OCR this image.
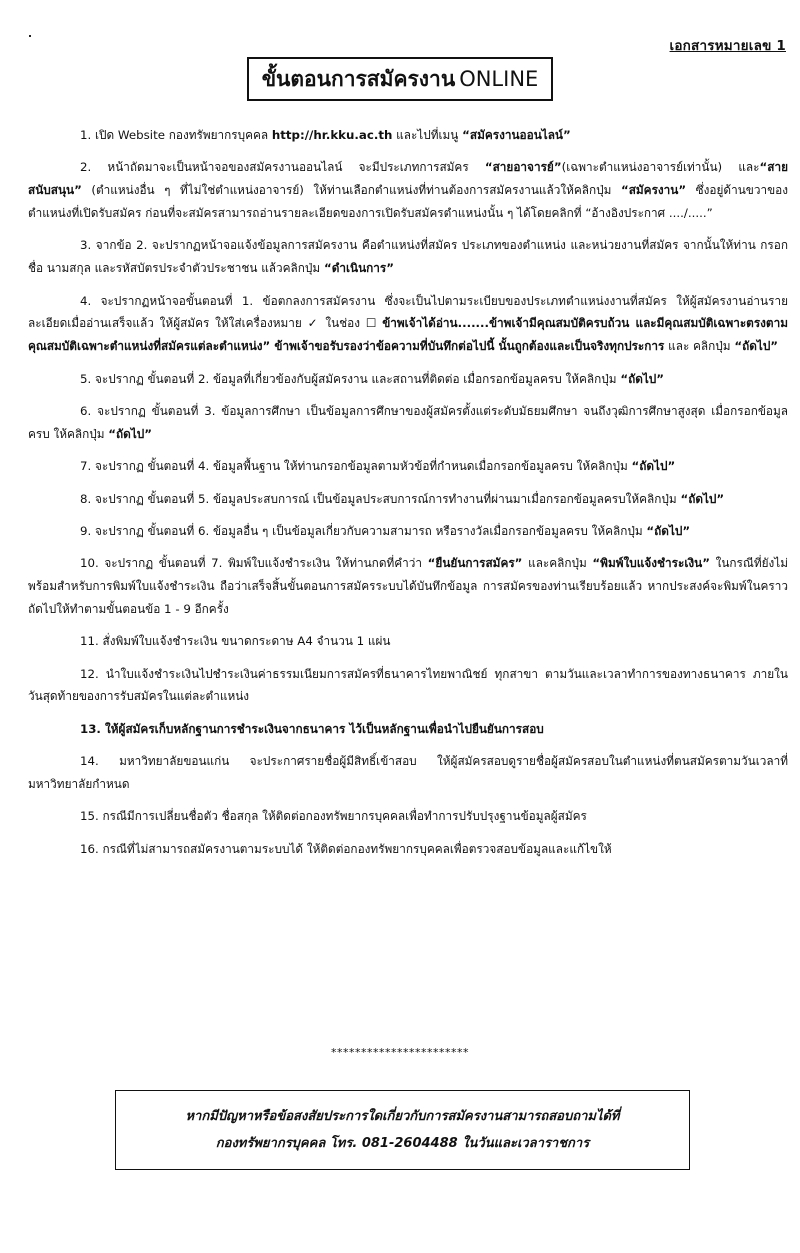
เอกสารหมายเลข 1
ขั้นตอนการสมัครงาน ONLINE
1. เปิด Website กองทรัพยากรบุคคล http://hr.kku.ac.th และไปที่เมนู “สมัครงานออนไลน์”
2. หน้าถัดมาจะเป็นหน้าจอของสมัครงานออนไลน์ จะมีประเภทการสมัคร “สายอาจารย์”(เฉพาะตำแหน่งอาจารย์เท่านั้น) และ“สายสนับสนุน” (ตำแหน่งอื่น ๆ ที่ไม่ใช่ตำแหน่งอาจารย์) ให้ท่านเลือกตำแหน่งที่ท่านต้องการสมัครงานแล้วให้คลิกปุ่ม “สมัครงาน” ซึ่งอยู่ด้านขวาของตำแหน่งที่เปิดรับสมัคร ก่อนที่จะสมัครสามารถอ่านรายละเอียดของการเปิดรับสมัครตำแหน่งนั้น ๆ ได้โดยคลิกที่ “อ้างอิงประกาศ ..../.....”
3. จากข้อ 2. จะปรากฏหน้าจอแจ้งข้อมูลการสมัครงาน คือตำแหน่งที่สมัคร ประเภทของตำแหน่ง และหน่วยงานที่สมัคร จากนั้นให้ท่าน กรอกชื่อ นามสกุล และรหัสบัตรประจำตัวประชาชน แล้วคลิกปุ่ม “ดำเนินการ”
4. จะปรากฏหน้าจอขั้นตอนที่ 1. ข้อตกลงการสมัครงาน ซึ่งจะเป็นไปตามระเบียบของประเภทตำแหน่งงานที่สมัคร ให้ผู้สมัครงานอ่านรายละเอียดเมื่ออ่านเสร็จแล้ว ให้ผู้สมัคร ให้ใส่เครื่องหมาย ✓ ในช่อง ☐ ข้าพเจ้าได้อ่าน.......ข้าพเจ้ามีคุณสมบัติครบถ้วน และมีคุณสมบัติเฉพาะตรงตามคุณสมบัติเฉพาะตำแหน่งที่สมัครแต่ละตำแหน่ง” ข้าพเจ้าขอรับรองว่าข้อความที่บันทึกต่อไปนี้ นั้นถูกต้องและเป็นจริงทุกประการ และ คลิกปุ่ม “ถัดไป”
5. จะปรากฏ ขั้นตอนที่ 2. ข้อมูลที่เกี่ยวข้องกับผู้สมัครงาน และสถานที่ติดต่อ เมื่อกรอกข้อมูลครบ ให้คลิกปุ่ม “ถัดไป”
6. จะปรากฏ ขั้นตอนที่ 3. ข้อมูลการศึกษา เป็นข้อมูลการศึกษาของผู้สมัครตั้งแต่ระดับมัธยมศึกษา จนถึงวุฒิการศึกษาสูงสุด เมื่อกรอกข้อมูลครบ ให้คลิกปุ่ม “ถัดไป”
7. จะปรากฏ ขั้นตอนที่ 4. ข้อมูลพื้นฐาน ให้ท่านกรอกข้อมูลตามหัวข้อที่กำหนดเมื่อกรอกข้อมูลครบ ให้คลิกปุ่ม “ถัดไป”
8. จะปรากฏ ขั้นตอนที่ 5. ข้อมูลประสบการณ์ เป็นข้อมูลประสบการณ์การทำงานที่ผ่านมาเมื่อกรอกข้อมูลครบให้คลิกปุ่ม “ถัดไป”
9. จะปรากฏ ขั้นตอนที่ 6. ข้อมูลอื่น ๆ เป็นข้อมูลเกี่ยวกับความสามารถ หรือรางวัลเมื่อกรอกข้อมูลครบ ให้คลิกปุ่ม “ถัดไป”
10. จะปรากฏ ขั้นตอนที่ 7. พิมพ์ใบแจ้งชำระเงิน ให้ท่านกดที่คำว่า “ยืนยันการสมัคร” และคลิกปุ่ม “พิมพ์ใบแจ้งชำระเงิน” ในกรณีที่ยังไม่พร้อมสำหรับการพิมพ์ใบแจ้งชำระเงิน ถือว่าเสร็จสิ้นขั้นตอนการสมัครระบบได้บันทึกข้อมูล การสมัครของท่านเรียบร้อยแล้ว หากประสงค์จะพิมพ์ในคราวถัดไปให้ทำตามขั้นตอนข้อ 1 - 9 อีกครั้ง
11. สั่งพิมพ์ใบแจ้งชำระเงิน ขนาดกระดาษ A4 จำนวน 1 แผ่น
12. นำใบแจ้งชำระเงินไปชำระเงินค่าธรรมเนียมการสมัครที่ธนาคารไทยพาณิชย์ ทุกสาขา ตามวันและเวลาทำการของทางธนาคาร ภายในวันสุดท้ายของการรับสมัครในแต่ละตำแหน่ง
13. ให้ผู้สมัครเก็บหลักฐานการชำระเงินจากธนาคาร ไว้เป็นหลักฐานเพื่อนำไปยืนยันการสอบ
14. มหาวิทยาลัยขอนแก่น จะประกาศรายชื่อผู้มีสิทธิ์เข้าสอบ ให้ผู้สมัครสอบดูรายชื่อผู้สมัครสอบในตำแหน่งที่ตนสมัครตามวันเวลาที่มหาวิทยาลัยกำหนด
15. กรณีมีการเปลี่ยนชื่อตัว ชื่อสกุล ให้ติดต่อกองทรัพยากรบุคคลเพื่อทำการปรับปรุงฐานข้อมูลผู้สมัคร
16. กรณีที่ไม่สามารถสมัครงานตามระบบได้ ให้ติดต่อกองทรัพยากรบุคคลเพื่อตรวจสอบข้อมูลและแก้ไขให้
***********************
หากมีปัญหาหรือข้อสงสัยประการใดเกี่ยวกับการสมัครงานสามารถสอบถามได้ที่
กองทรัพยากรบุคคล โทร. 081-2604488 ในวันและเวลาราชการ
